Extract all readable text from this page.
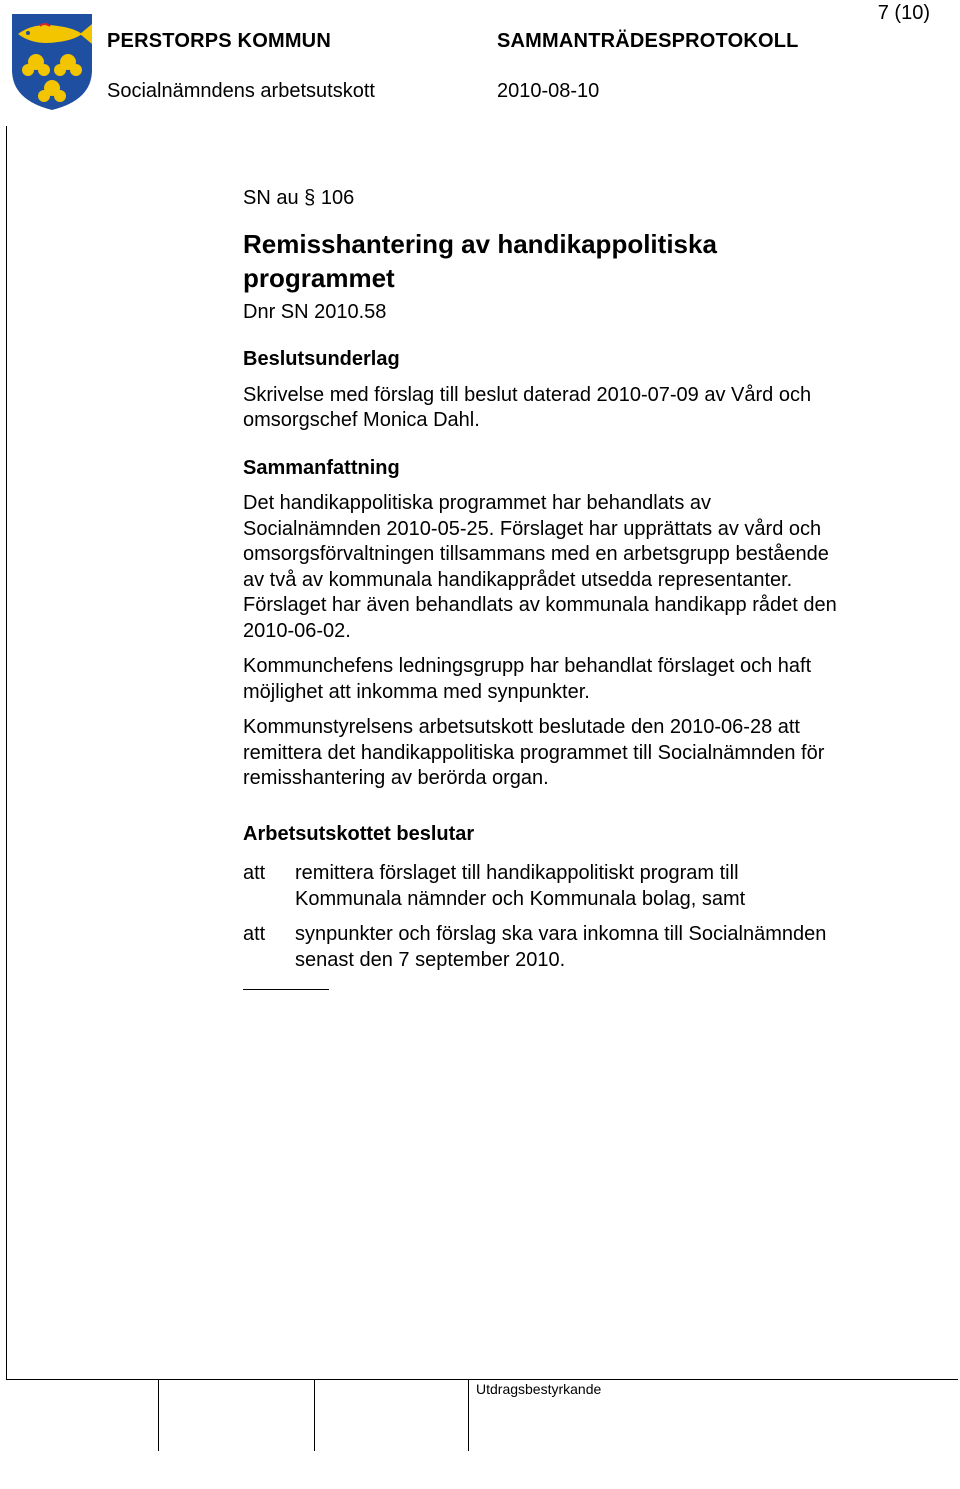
7 (10)
PERSTORPS KOMMUN	SAMMANTRÄDESPROTOKOLL
Socialnämndens arbetsutskott	2010-08-10
Utdragsbestyrkande

SN au § 106

Remisshantering av handikappolitiska programmet

Dnr SN 2010.58

Beslutsunderlag

Skrivelse med förslag till beslut daterad 2010-07-09 av Vård och omsorgschef Monica Dahl.

Sammanfattning

Det handikappolitiska programmet har behandlats av Socialnämnden 2010-05-25. Förslaget har upprättats av vård och omsorgsförvaltningen tillsammans med en arbetsgrupp bestående av två av kommunala handikapprådet utsedda representanter. Förslaget har även behandlats av kommunala handikapp rådet den 2010-06-02.

Kommunchefens ledningsgrupp har behandlat förslaget och haft möjlighet att inkomma med synpunkter.

Kommunstyrelsens arbetsutskott beslutade den 2010-06-28 att remittera det handikappolitiska programmet till Socialnämnden för remisshantering av berörda organ.

Arbetsutskottet beslutar

att	remittera förslaget till handikappolitiskt program till Kommunala nämnder och Kommunala bolag, samt
att	synpunkter och förslag ska vara inkomna till Socialnämnden senast den 7 september 2010.
